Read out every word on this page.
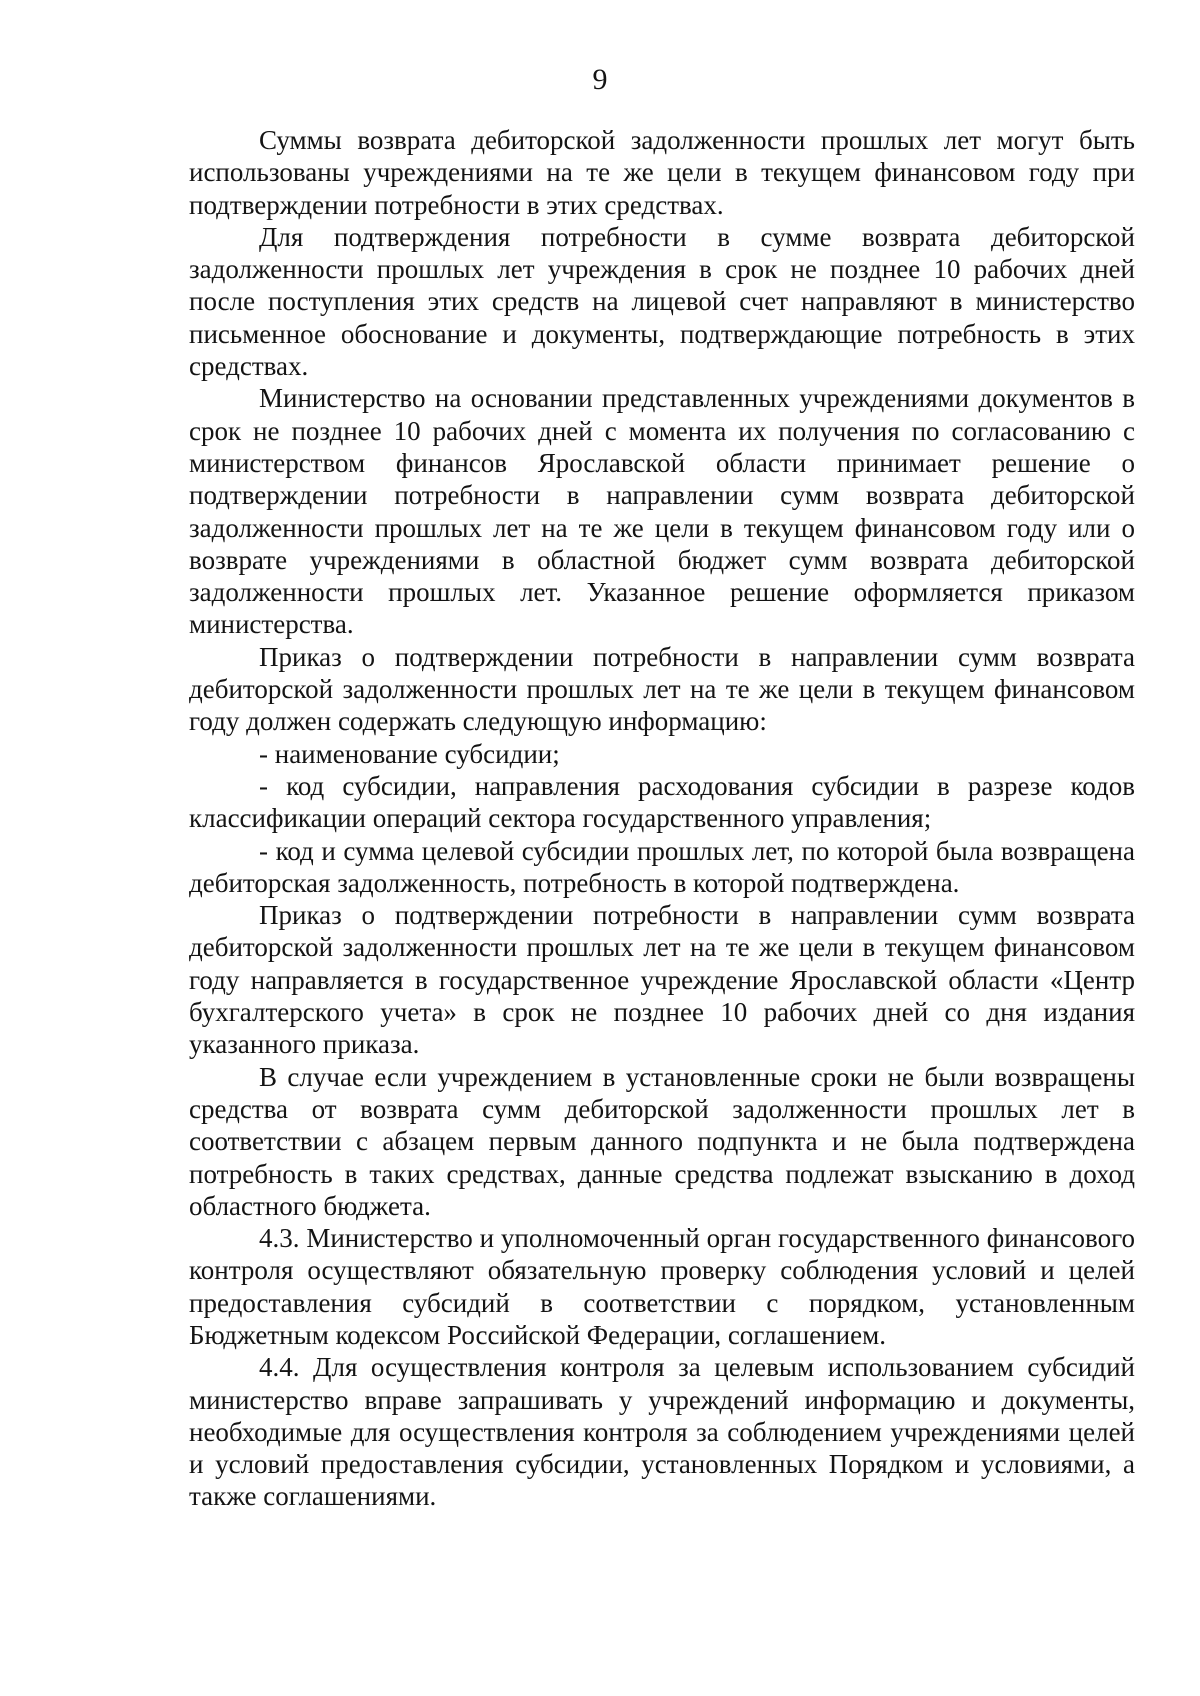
9

Суммы возврата дебиторской задолженности прошлых лет могут быть использованы учреждениями на те же цели в текущем финансовом году при подтверждении потребности в этих средствах.

Для подтверждения потребности в сумме возврата дебиторской задолженности прошлых лет учреждения в срок не позднее 10 рабочих дней после поступления этих средств на лицевой счет направляют в министерство письменное обоснование и документы, подтверждающие потребность в этих средствах.

Министерство на основании представленных учреждениями документов в срок не позднее 10 рабочих дней с момента их получения по согласованию с министерством финансов Ярославской области принимает решение о подтверждении потребности в направлении сумм возврата дебиторской задолженности прошлых лет на те же цели в текущем финансовом году или о возврате учреждениями в областной бюджет сумм возврата дебиторской задолженности прошлых лет. Указанное решение оформляется приказом министерства.

Приказ о подтверждении потребности в направлении сумм возврата дебиторской задолженности прошлых лет на те же цели в текущем финансовом году должен содержать следующую информацию:

- наименование субсидии;

- код субсидии, направления расходования субсидии в разрезе кодов классификации операций сектора государственного управления;

- код и сумма целевой субсидии прошлых лет, по которой была возвращена дебиторская задолженность, потребность в которой подтверждена.

Приказ о подтверждении потребности в направлении сумм возврата дебиторской задолженности прошлых лет на те же цели в текущем финансовом году направляется в государственное учреждение Ярославской области «Центр бухгалтерского учета» в срок не позднее 10 рабочих дней со дня издания указанного приказа.

В случае если учреждением в установленные сроки не были возвращены средства от возврата сумм дебиторской задолженности прошлых лет в соответствии с абзацем первым данного подпункта и не была подтверждена потребность в таких средствах, данные средства подлежат взысканию в доход областного бюджета.

4.3. Министерство и уполномоченный орган государственного финансового контроля осуществляют обязательную проверку соблюдения условий и целей предоставления субсидий в соответствии с порядком, установленным Бюджетным кодексом Российской Федерации, соглашением.

4.4. Для осуществления контроля за целевым использованием субсидий министерство вправе запрашивать у учреждений информацию и документы, необходимые для осуществления контроля за соблюдением учреждениями целей и условий предоставления субсидии, установленных Порядком и условиями, а также соглашениями.
